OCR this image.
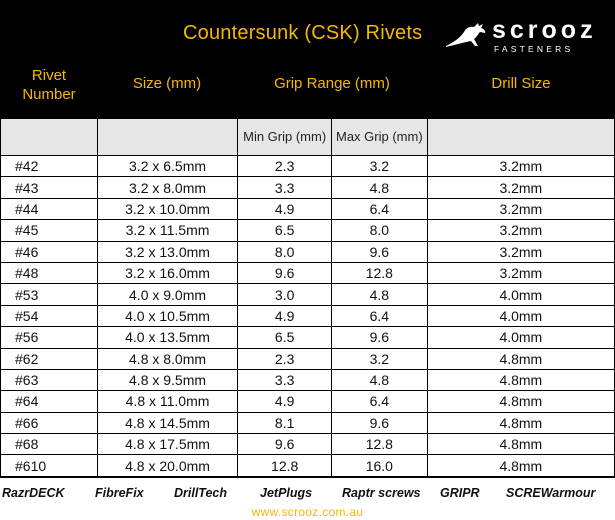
Countersunk (CSK) Rivets	scrooz
FASTENERS
Rivet Number
Size (mm)	Grip Range (mm)	Drill Size
		Min Grip (mm)	Max Grip (mm)	
#42	3.2 x 6.5mm	2.3	3.2	3.2mm
#43	3.2 x 8.0mm	3.3	4.8	3.2mm
#44	3.2 x 10.0mm	4.9	6.4	3.2mm
#45	3.2 x 11.5mm	6.5	8.0	3.2mm
#46	3.2 x 13.0mm	8.0	9.6	3.2mm
#48	3.2 x 16.0mm	9.6	12.8	3.2mm
#53	4.0 x 9.0mm	3.0	4.8	4.0mm
#54	4.0 x 10.5mm	4.9	6.4	4.0mm
#56	4.0 x 13.5mm	6.5	9.6	4.0mm
#62	4.8 x 8.0mm	2.3	3.2	4.8mm
#63	4.8 x 9.5mm	3.3	4.8	4.8mm
#64	4.8 x 11.0mm	4.9	6.4	4.8mm
#66	4.8 x 14.5mm	8.1	9.6	4.8mm
#68	4.8 x 17.5mm	9.6	12.8	4.8mm
#610	4.8 x 20.0mm	12.8	16.0	4.8mm
RazrDECK FibreFix DrillTech	JetPlugs Raptr screws GRIPR SCREWarmour
www.scrooz.com.au
